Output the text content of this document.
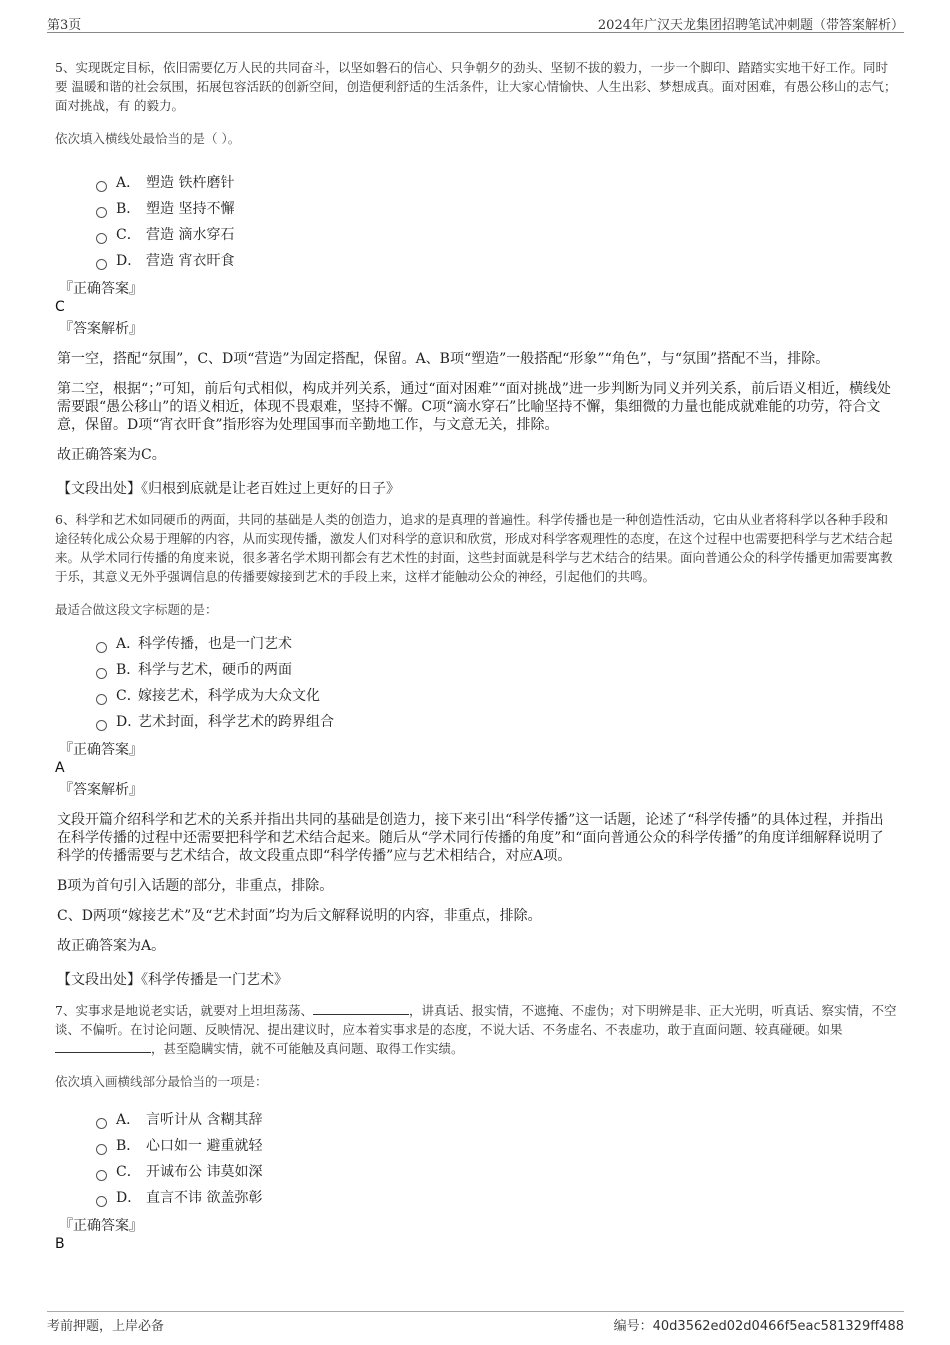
第3页	2024年广汉天龙集团招聘笔试冲刺题（带答案解析）

5、实现既定目标，依旧需要亿万人民的共同奋斗，以坚如磐石的信心、只争朝夕的劲头、坚韧不拔的毅力，一步一个脚印、踏踏实实地干好工作。同时要 温暖和谐的社会氛围，拓展包容活跃的创新空间，创造便利舒适的生活条件，让大家心情愉快、人生出彩、梦想成真。面对困难，有愚公移山的志气；面对挑战，有 的毅力。

依次填入横线处最恰当的是（ ）。

A． 塑造 铁杵磨针
B． 塑造 坚持不懈
C． 营造 滴水穿石
D． 营造 宵衣旰食

『正确答案』

C

『答案解析』

第一空，搭配“氛围”，C、D项“营造”为固定搭配，保留。A、B项“塑造”一般搭配“形象”“角色”，与“氛围”搭配不当，排除。

第二空，根据“；”可知，前后句式相似，构成并列关系，通过“面对困难”“面对挑战”进一步判断为同义并列关系，前后语义相近，横线处需要跟“愚公移山”的语义相近，体现不畏艰难，坚持不懈。C项“滴水穿石”比喻坚持不懈，集细微的力量也能成就难能的功劳，符合文意，保留。D项“宵衣旰食”指形容为处理国事而辛勤地工作，与文意无关，排除。

故正确答案为C。

【文段出处】《归根到底就是让老百姓过上更好的日子》

6、科学和艺术如同硬币的两面，共同的基础是人类的创造力，追求的是真理的普遍性。科学传播也是一种创造性活动，它由从业者将科学以各种手段和途径转化成公众易于理解的内容，从而实现传播，激发人们对科学的意识和欣赏，形成对科学客观理性的态度，在这个过程中也需要把科学与艺术结合起来。从学术同行传播的角度来说，很多著名学术期刊都会有艺术性的封面，这些封面就是科学与艺术结合的结果。面向普通公众的科学传播更加需要寓教于乐，其意义无外乎强调信息的传播要嫁接到艺术的手段上来，这样才能触动公众的神经，引起他们的共鸣。

最适合做这段文字标题的是：

A．
科学传播，也是一门艺术
B．
科学与艺术，硬币的两面
C．
嫁接艺术，科学成为大众文化
D．
艺术封面，科学艺术的跨界组合

『正确答案』

A

『答案解析』

文段开篇介绍科学和艺术的关系并指出共同的基础是创造力，接下来引出“科学传播”这一话题，论述了“科学传播”的具体过程，并指出在科学传播的过程中还需要把科学和艺术结合起来。随后从“学术同行传播的角度”和“面向普通公众的科学传播”的角度详细解释说明了科学的传播需要与艺术结合，故文段重点即“科学传播”应与艺术相结合，对应A项。

B项为首句引入话题的部分，非重点，排除。

C、D两项“嫁接艺术”及“艺术封面”均为后文解释说明的内容，非重点，排除。

故正确答案为A。

【文段出处】《科学传播是一门艺术》

7、实事求是地说老实话，就要对上坦坦荡荡、	，讲真话、报实情，不遮掩、不虚伪；对下明辨是非、正大光明，听真话、察实情，不空谈、不偏听。在讨论问题、反映情况、提出建议时，应本着实事求是的态度，不说大话、不务虚名、不表虚功，敢于直面问题、较真碰硬。如果，甚至隐瞒实情，就不可能触及真问题、取得工作实绩。

依次填入画横线部分最恰当的一项是：

A． 言听计从 含糊其辞
B． 心口如一 避重就轻
C． 开诚布公 讳莫如深
D． 直言不讳 欲盖弥彰

『正确答案』

B

考前押题，上岸必备	编号：40d3562ed02d0466f5eac581329ff488
